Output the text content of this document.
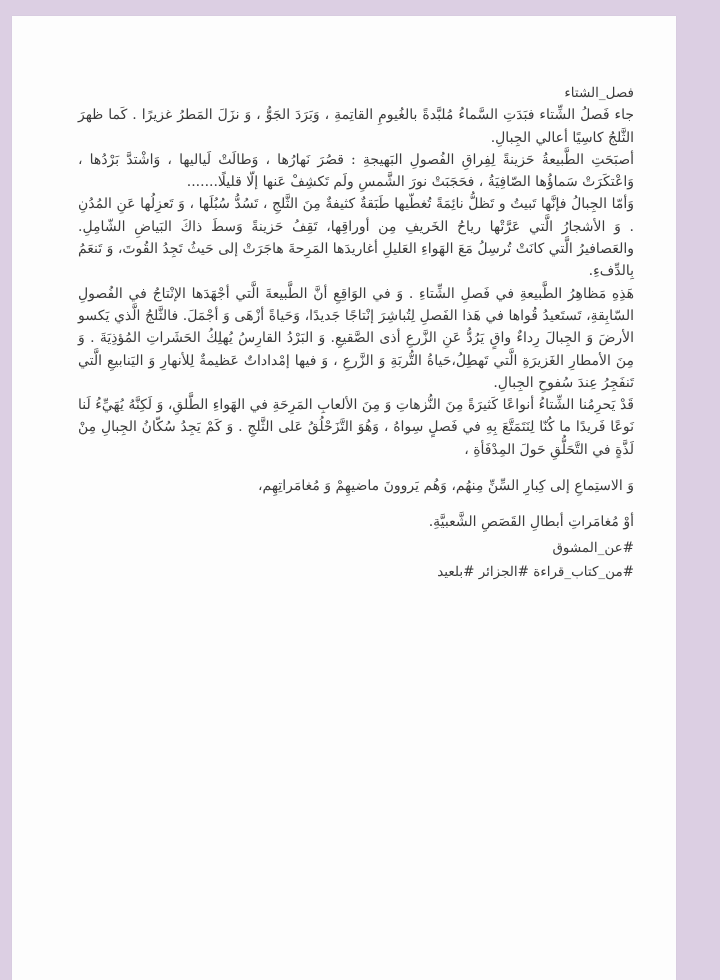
فصل_الشتاء

جاء فَصلُ الشِّتاء فبَدَتِ السَّماءُ مُلبَّدةً بالغُيومِ القاتِمةِ ، وَبَرَدَ الجَوُّ ، وَ نزَلَ المَطرُ غزيرًا . كَما ظهرَ الثَّلجُ كاسِيًا أعالي الجِبالِ.

أصبَحَتِ الطَّبيعةُ حَزينةً لِفِراقِ الفُصولِ البَهيجةِ : قصُرَ نَهارُها ، وَطالَتْ لَياليها ، وَاشْتدَّ بَرْدُها ، وَاعْتكَرَتْ سَماؤُها الصّافِيَةُ ، فحَجَبَتْ نورَ الشَّمسِ ولَم تَكشِفْ عَنها إلّا قليلًا.......

وَأمّا الجِبالُ فإنَّها تَبيتُ و تَظلُّ نائِمَةً تُغطّيها طَبَقةٌ كثيفةٌ مِنَ الثَّلجِ ، تَسُدُّ سُبُلَها ، وَ تَعزِلُها عَنِ المُدُنِ . وَ الأشجارُ الَّتي عَرَّتْها رياحُ الخَريفِ مِن أوراقِها، تَقِفُ حَزينةً وَسطَ ذاكَ البَياضِ الشّامِلِ. والعَصافيرُ الَّتي كانَتْ تُرسِلُ مَعَ الهَواءِ العَليلِ أغاريدَها المَرِحةَ هاجَرَتْ إلى حَيثُ تَجِدُ القُوتَ، وَ تَنعَمُ بِالدِّفءِ.

هَذِهِ مَظاهِرُ الطَّبيعةِ في فَصلِ الشِّتاءِ . وَ في الوَاقِعِ أنَّ الطَّبيعةَ الَّتي أجْهَدَها الإنْتاجُ في الفُصولِ السّابِقةِ، تَستَعيدُ قُواها في هَذا الفَصلِ لِتُباشِرَ إنْتاجًا جَديدًا، وَحَياةً أزْهَى وَ أجْمَلَ. فالثَّلجُ الَّذي يَكسو الأرضَ وَ الجِبالَ رِداءٌ واقٍ يَرُدُّ عَنِ الزَّرعِ أذى الصَّقيعِ. وَ البَرْدُ القارِسُ يُهلِكُ الحَشَراتِ المُؤذِيَةَ . وَ مِنَ الأمطارِ الغَزيرَةِ الَّتي تَهطِلُ،حَياةُ التُّربَةِ وَ الزَّرعِ ، وَ فيها إمْداداتٌ عَظيمةٌ لِلأنهارِ وَ اليَنابيعِ الَّتي تَنفَجِرُ عِندَ سُفوحِ الجِبالِ.

قَدْ يَحرِمُنا الشِّتاءُ أنواعًا كَثيرَةً مِنَ النُّزهاتِ وَ مِنَ الألعابِ المَرِحَةِ في الهَواءِ الطَّلقِ، وَ لَكِنَّهُ يُهَيِّءُ لَنا نَوعًا فَريدًا ما كُنّا لِنَتَمَتَّعَ بِهِ في فَصلٍ سِواهُ ، وَهُوَ التَّزَحْلُقُ عَلى الثَّلجِ . وَ كَمْ يَجِدُ سُكّانُ الجِبالِ مِنْ لَذَّةٍ في التَّحَلُّقِ حَولَ المِدْفَأةِ ،

وَ الاستِماعِ إلى كِبارِ السِّنِّ مِنهُم، وَهُم يَروونَ ماضيهِمْ وَ مُغامَراتِهِم،

أوْ مُغامَراتِ أبطالِ القَصَصِ الشَّعبيَّةِ.

#عن_المشوق

#من_كتاب_قراءة #الجزائر #بلعيد
